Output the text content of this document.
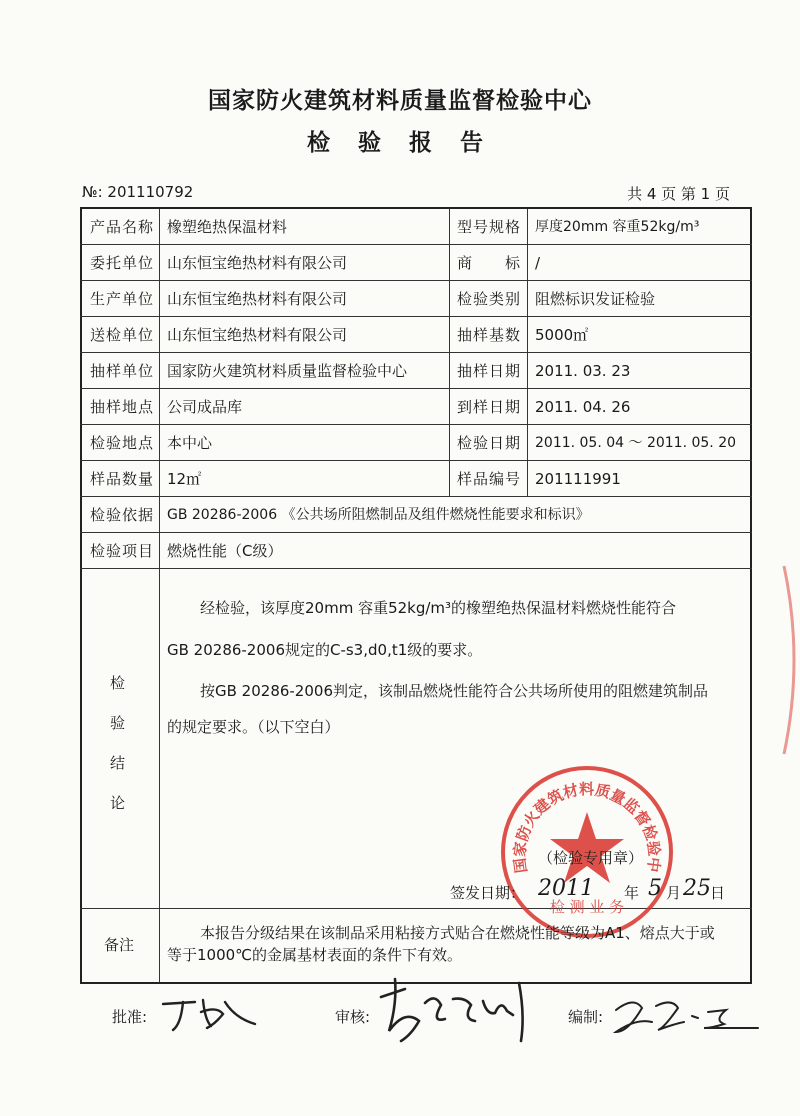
国家防火建筑材料质量监督检验中心
检 验 报 告
№: 201110792	共 4 页 第 1 页
产品名称 橡塑绝热保温材料	型号规格 厚度20mm 容重52kg/m³
委托单位 山东恒宝绝热材料有限公司	商　　标 /
生产单位 山东恒宝绝热材料有限公司	检验类别 阻燃标识发证检验
送检单位 山东恒宝绝热材料有限公司	抽样基数 5000㎡
抽样单位 国家防火建筑材料质量监督检验中心	抽样日期 2011. 03. 23
抽样地点 公司成品库	到样日期 2011. 04. 26
检验地点 本中心	检验日期 2011. 05. 04 ～ 2011. 05. 20
样品数量 12㎡	样品编号 201111991
检验依据 GB 20286-2006 《公共场所阻燃制品及组件燃烧性能要求和标识》
检验项目 燃烧性能（C级）
检
验
结
论
经检验，该厚度20mm 容重52kg/m³的橡塑绝热保温材料燃烧性能符合
GB 20286-2006规定的C-s3,d0,t1级的要求。
按GB 20286-2006判定，该制品燃烧性能符合公共场所使用的阻燃建筑制品
的规定要求。（以下空白）
国家防火建筑材料质量监督检验中
检 测 业 务
（检验专用章）
签发日期： 2011 年 5 月 25 日
备注
本报告分级结果在该制品采用粘接方式贴合在燃烧性能等级为A1、熔点大于或
等于1000℃的金属基材表面的条件下有效。
批准:	审核:	编制:
